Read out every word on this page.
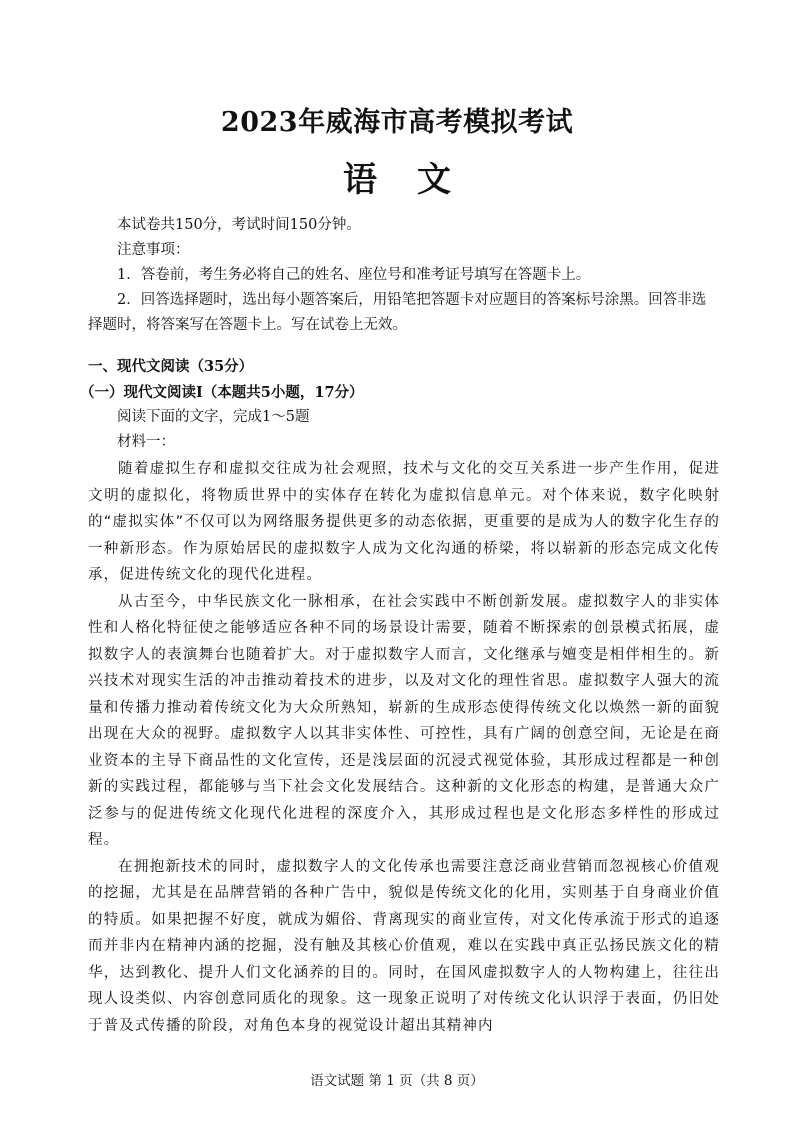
2023年威海市高考模拟考试
语文
本试卷共150分，考试时间150分钟。
注意事项：
1．答卷前，考生务必将自己的姓名、座位号和准考证号填写在答题卡上。
2．回答选择题时，选出每小题答案后，用铅笔把答题卡对应题目的答案标号涂黑。回答非选择题时，将答案写在答题卡上。写在试卷上无效。
一、现代文阅读（35分）
（一）现代文阅读Ⅰ（本题共5小题，17分）
阅读下面的文字，完成1～5题
材料一：

随着虚拟生存和虚拟交往成为社会观照，技术与文化的交互关系进一步产生作用，促进文明的虚拟化，将物质世界中的实体存在转化为虚拟信息单元。对个体来说，数字化映射的“虚拟实体”不仅可以为网络服务提供更多的动态依据，更重要的是成为人的数字化生存的一种新形态。作为原始居民的虚拟数字人成为文化沟通的桥梁，将以崭新的形态完成文化传承，促进传统文化的现代化进程。

从古至今，中华民族文化一脉相承，在社会实践中不断创新发展。虚拟数字人的非实体性和人格化特征使之能够适应各种不同的场景设计需要，随着不断探索的创景模式拓展，虚拟数字人的表演舞台也随着扩大。对于虚拟数字人而言，文化继承与嬗变是相伴相生的。新兴技术对现实生活的冲击推动着技术的进步，以及对文化的理性省思。虚拟数字人强大的流量和传播力推动着传统文化为大众所熟知，崭新的生成形态使得传统文化以焕然一新的面貌出现在大众的视野。虚拟数字人以其非实体性、可控性，具有广阔的创意空间，无论是在商业资本的主导下商品性的文化宣传，还是浅层面的沉浸式视觉体验，其形成过程都是一种创新的实践过程，都能够与当下社会文化发展结合。这种新的文化形态的构建，是普通大众广泛参与的促进传统文化现代化进程的深度介入，其形成过程也是文化形态多样性的形成过程。

在拥抱新技术的同时，虚拟数字人的文化传承也需要注意泛商业营销而忽视核心价值观的挖掘，尤其是在品牌营销的各种广告中，貌似是传统文化的化用，实则基于自身商业价值的特质。如果把握不好度，就成为媚俗、背离现实的商业宣传，对文化传承流于形式的追逐而并非内在精神内涵的挖掘，没有触及其核心价值观，难以在实践中真正弘扬民族文化的精华，达到教化、提升人们文化涵养的目的。同时，在国风虚拟数字人的人物构建上，往往出现人设类似、内容创意同质化的现象。这一现象正说明了对传统文化认识浮于表面，仍旧处于普及式传播的阶段，对角色本身的视觉设计超出其精神内

语文试题 第 1 页（共 8 页）
